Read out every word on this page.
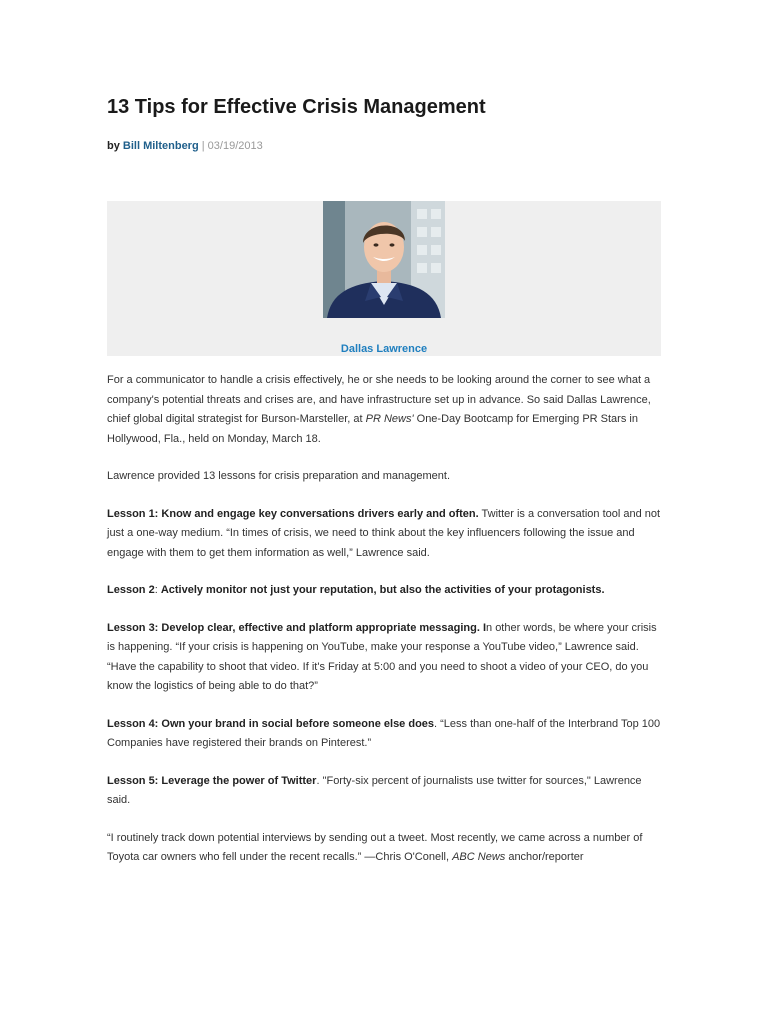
13 Tips for Effective Crisis Management
by Bill Miltenberg | 03/19/2013
Dallas Lawrence

For a communicator to handle a crisis effectively, he or she needs to be looking around the corner to see what a company's potential threats and crises are, and have infrastructure set up in advance. So said Dallas Lawrence, chief global digital strategist for Burson-Marsteller, at PR News' One-Day Bootcamp for Emerging PR Stars in Hollywood, Fla., held on Monday, March 18.

Lawrence provided 13 lessons for crisis preparation and management.

Lesson 1: Know and engage key conversations drivers early and often. Twitter is a conversation tool and not just a one-way medium. “In times of crisis, we need to think about the key influencers following the issue and engage with them to get them information as well,” Lawrence said.

Lesson 2: Actively monitor not just your reputation, but also the activities of your protagonists.

Lesson 3: Develop clear, effective and platform appropriate messaging. In other words, be where your crisis is happening. “If your crisis is happening on YouTube, make your response a YouTube video,” Lawrence said. “Have the capability to shoot that video. If it's Friday at 5:00 and you need to shoot a video of your CEO, do you know the logistics of being able to do that?”

Lesson 4: Own your brand in social before someone else does. “Less than one-half of the Interbrand Top 100 Companies have registered their brands on Pinterest.”

Lesson 5: Leverage the power of Twitter. "Forty-six percent of journalists use twitter for sources," Lawrence said.

“I routinely track down potential interviews by sending out a tweet. Most recently, we came across a number of Toyota car owners who fell under the recent recalls.” —Chris O'Conell, ABC News anchor/reporter
